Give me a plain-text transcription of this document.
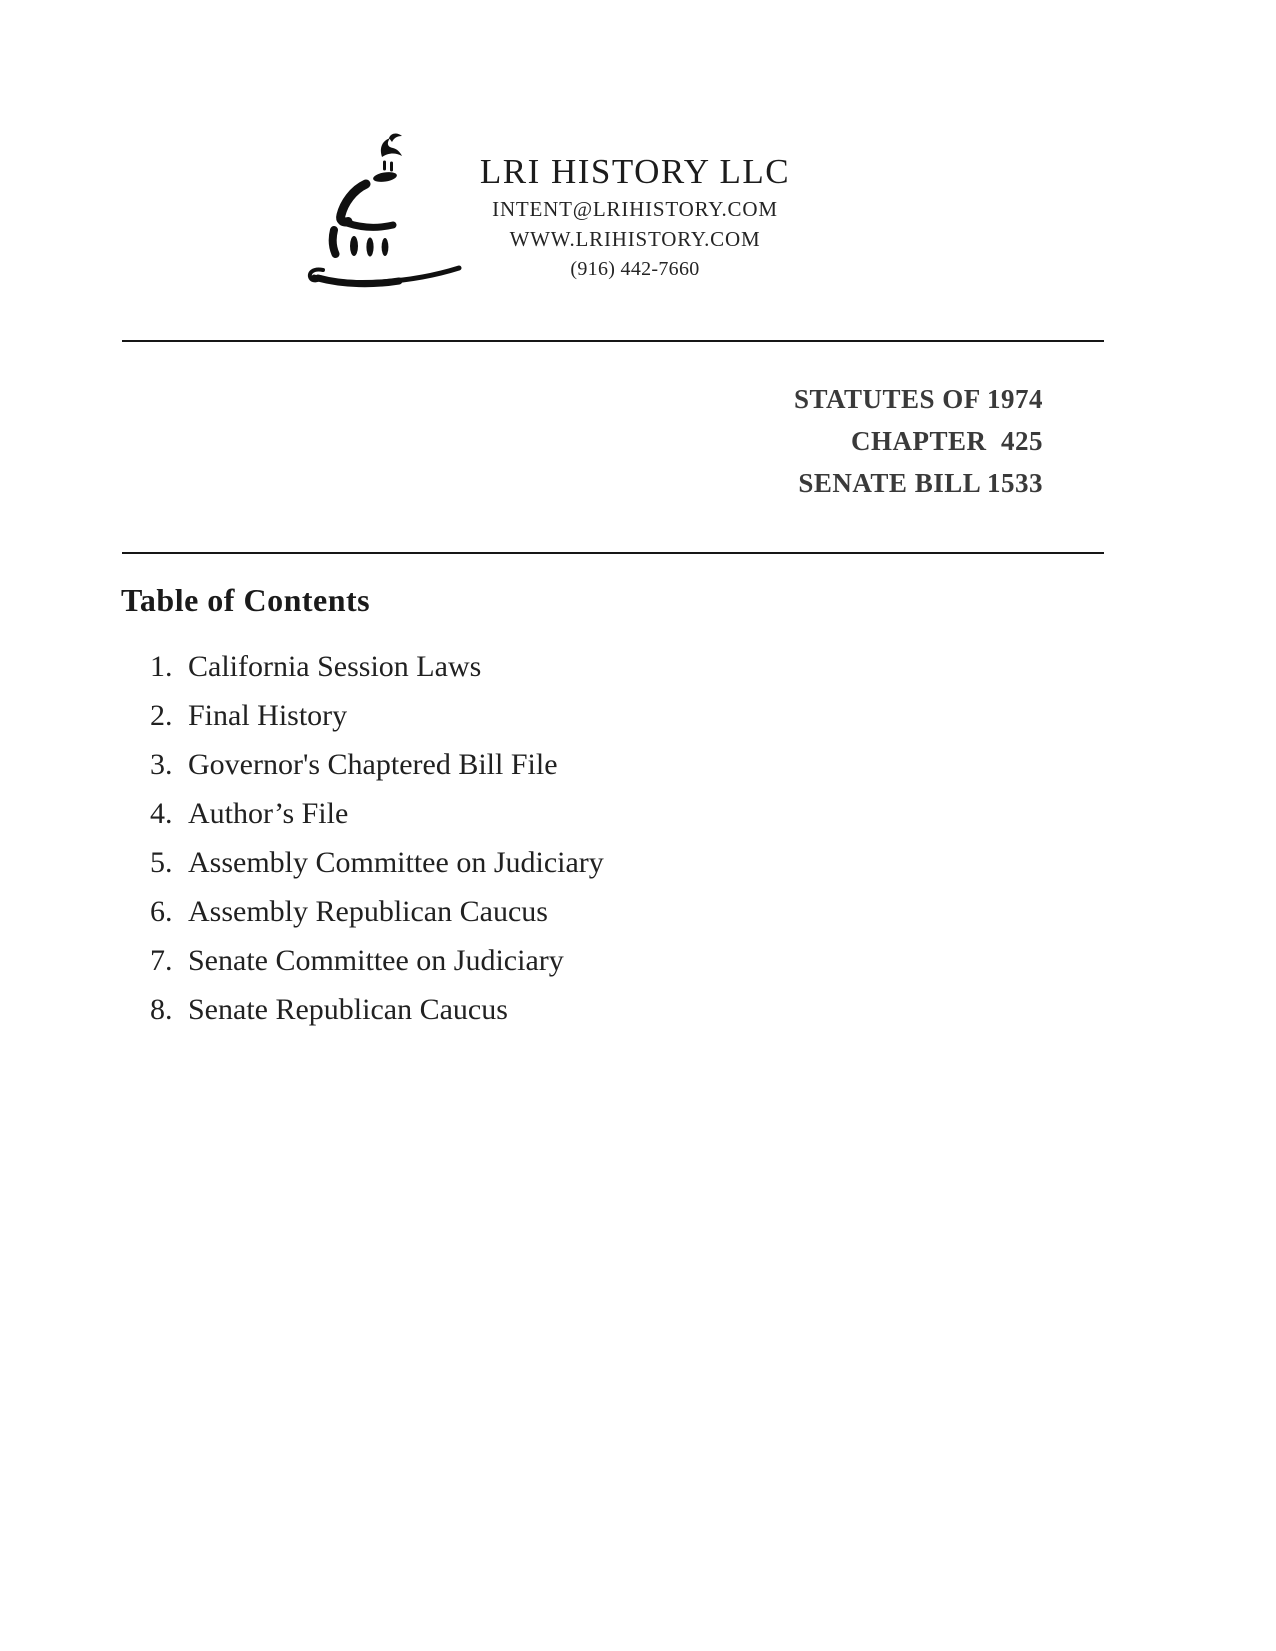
LRI HISTORY LLC
INTENT@LRIHISTORY.COM
WWW.LRIHISTORY.COM
(916) 442-7660
STATUTES OF 1974
CHAPTER  425
SENATE BILL 1533
Table of Contents
1. California Session Laws
2. Final History
3. Governor's Chaptered Bill File
4. Author’s File
5. Assembly Committee on Judiciary
6. Assembly Republican Caucus
7. Senate Committee on Judiciary
8. Senate Republican Caucus
